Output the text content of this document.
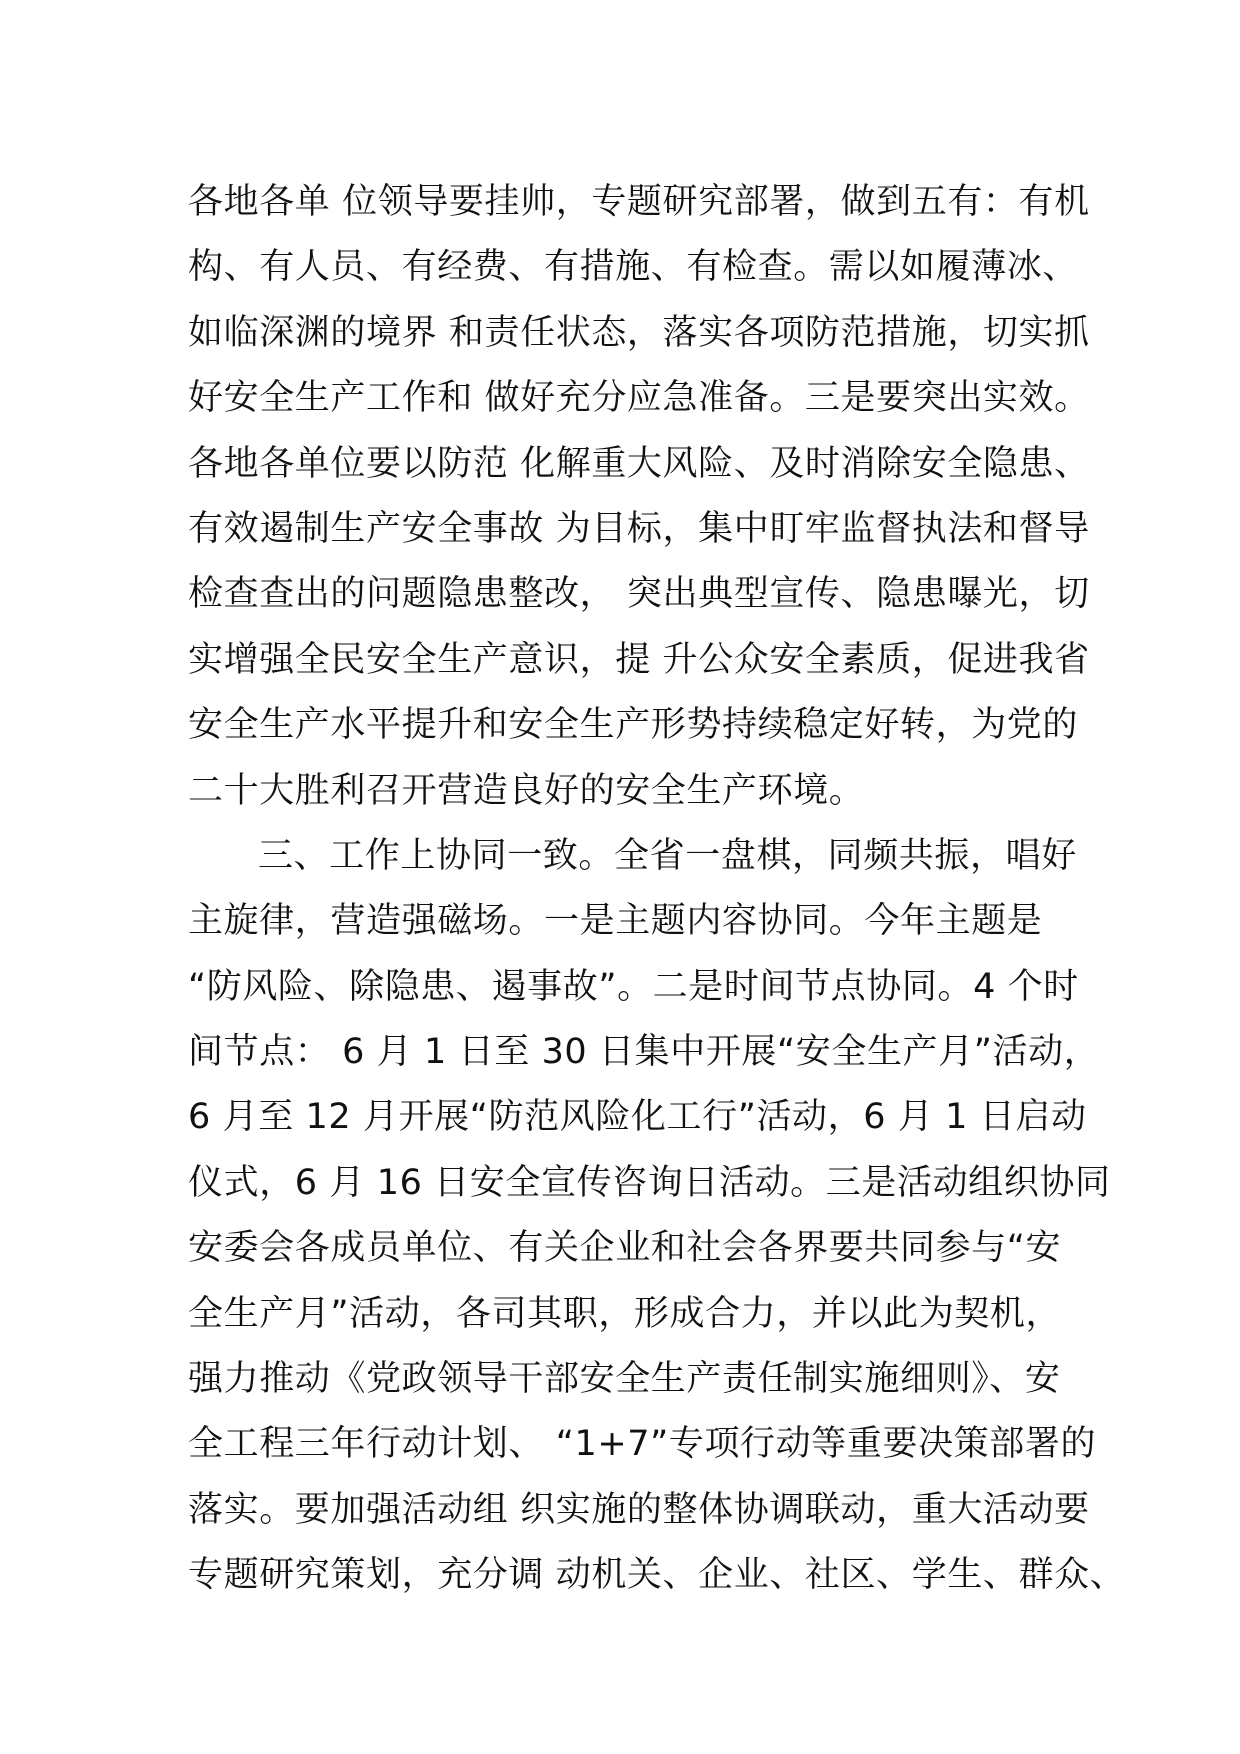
各地各单 位领导要挂帅，专题研究部署，做到五有：有机
构、有人员、有经费、有措施、有检查。需以如履薄冰、
如临深渊的境界 和责任状态，落实各项防范措施，切实抓
好安全生产工作和 做好充分应急准备。三是要突出实效。
各地各单位要以防范 化解重大风险、及时消除安全隐患、
有效遏制生产安全事故 为目标，集中盯牢监督执法和督导
检查查出的问题隐患整改， 突出典型宣传、隐患曝光，切
实增强全民安全生产意识，提 升公众安全素质，促进我省
安全生产水平提升和安全生产形势持续稳定好转，为党的
二十大胜利召开营造良好的安全生产环境。
三、工作上协同一致。全省一盘棋，同频共振，唱好
主旋律，营造强磁场。一是主题内容协同。今年主题是
“防风险、除隐患、遏事故”。二是时间节点协同。4 个时
间节点： 6 月 1 日至 30 日集中开展“安全生产月”活动，
6 月至 12 月开展“防范风险化工行”活动，6 月 1 日启动
仪式，6 月 16 日安全宣传咨询日活动。三是活动组织协同
安委会各成员单位、有关企业和社会各界要共同参与“安
全生产月”活动，各司其职，形成合力，并以此为契机，
强力推动《党政领导干部安全生产责任制实施细则》、安
全工程三年行动计划、 “1+7”专项行动等重要决策部署的
落实。要加强活动组 织实施的整体协调联动，重大活动要
专题研究策划，充分调 动机关、企业、社区、学生、群众、
